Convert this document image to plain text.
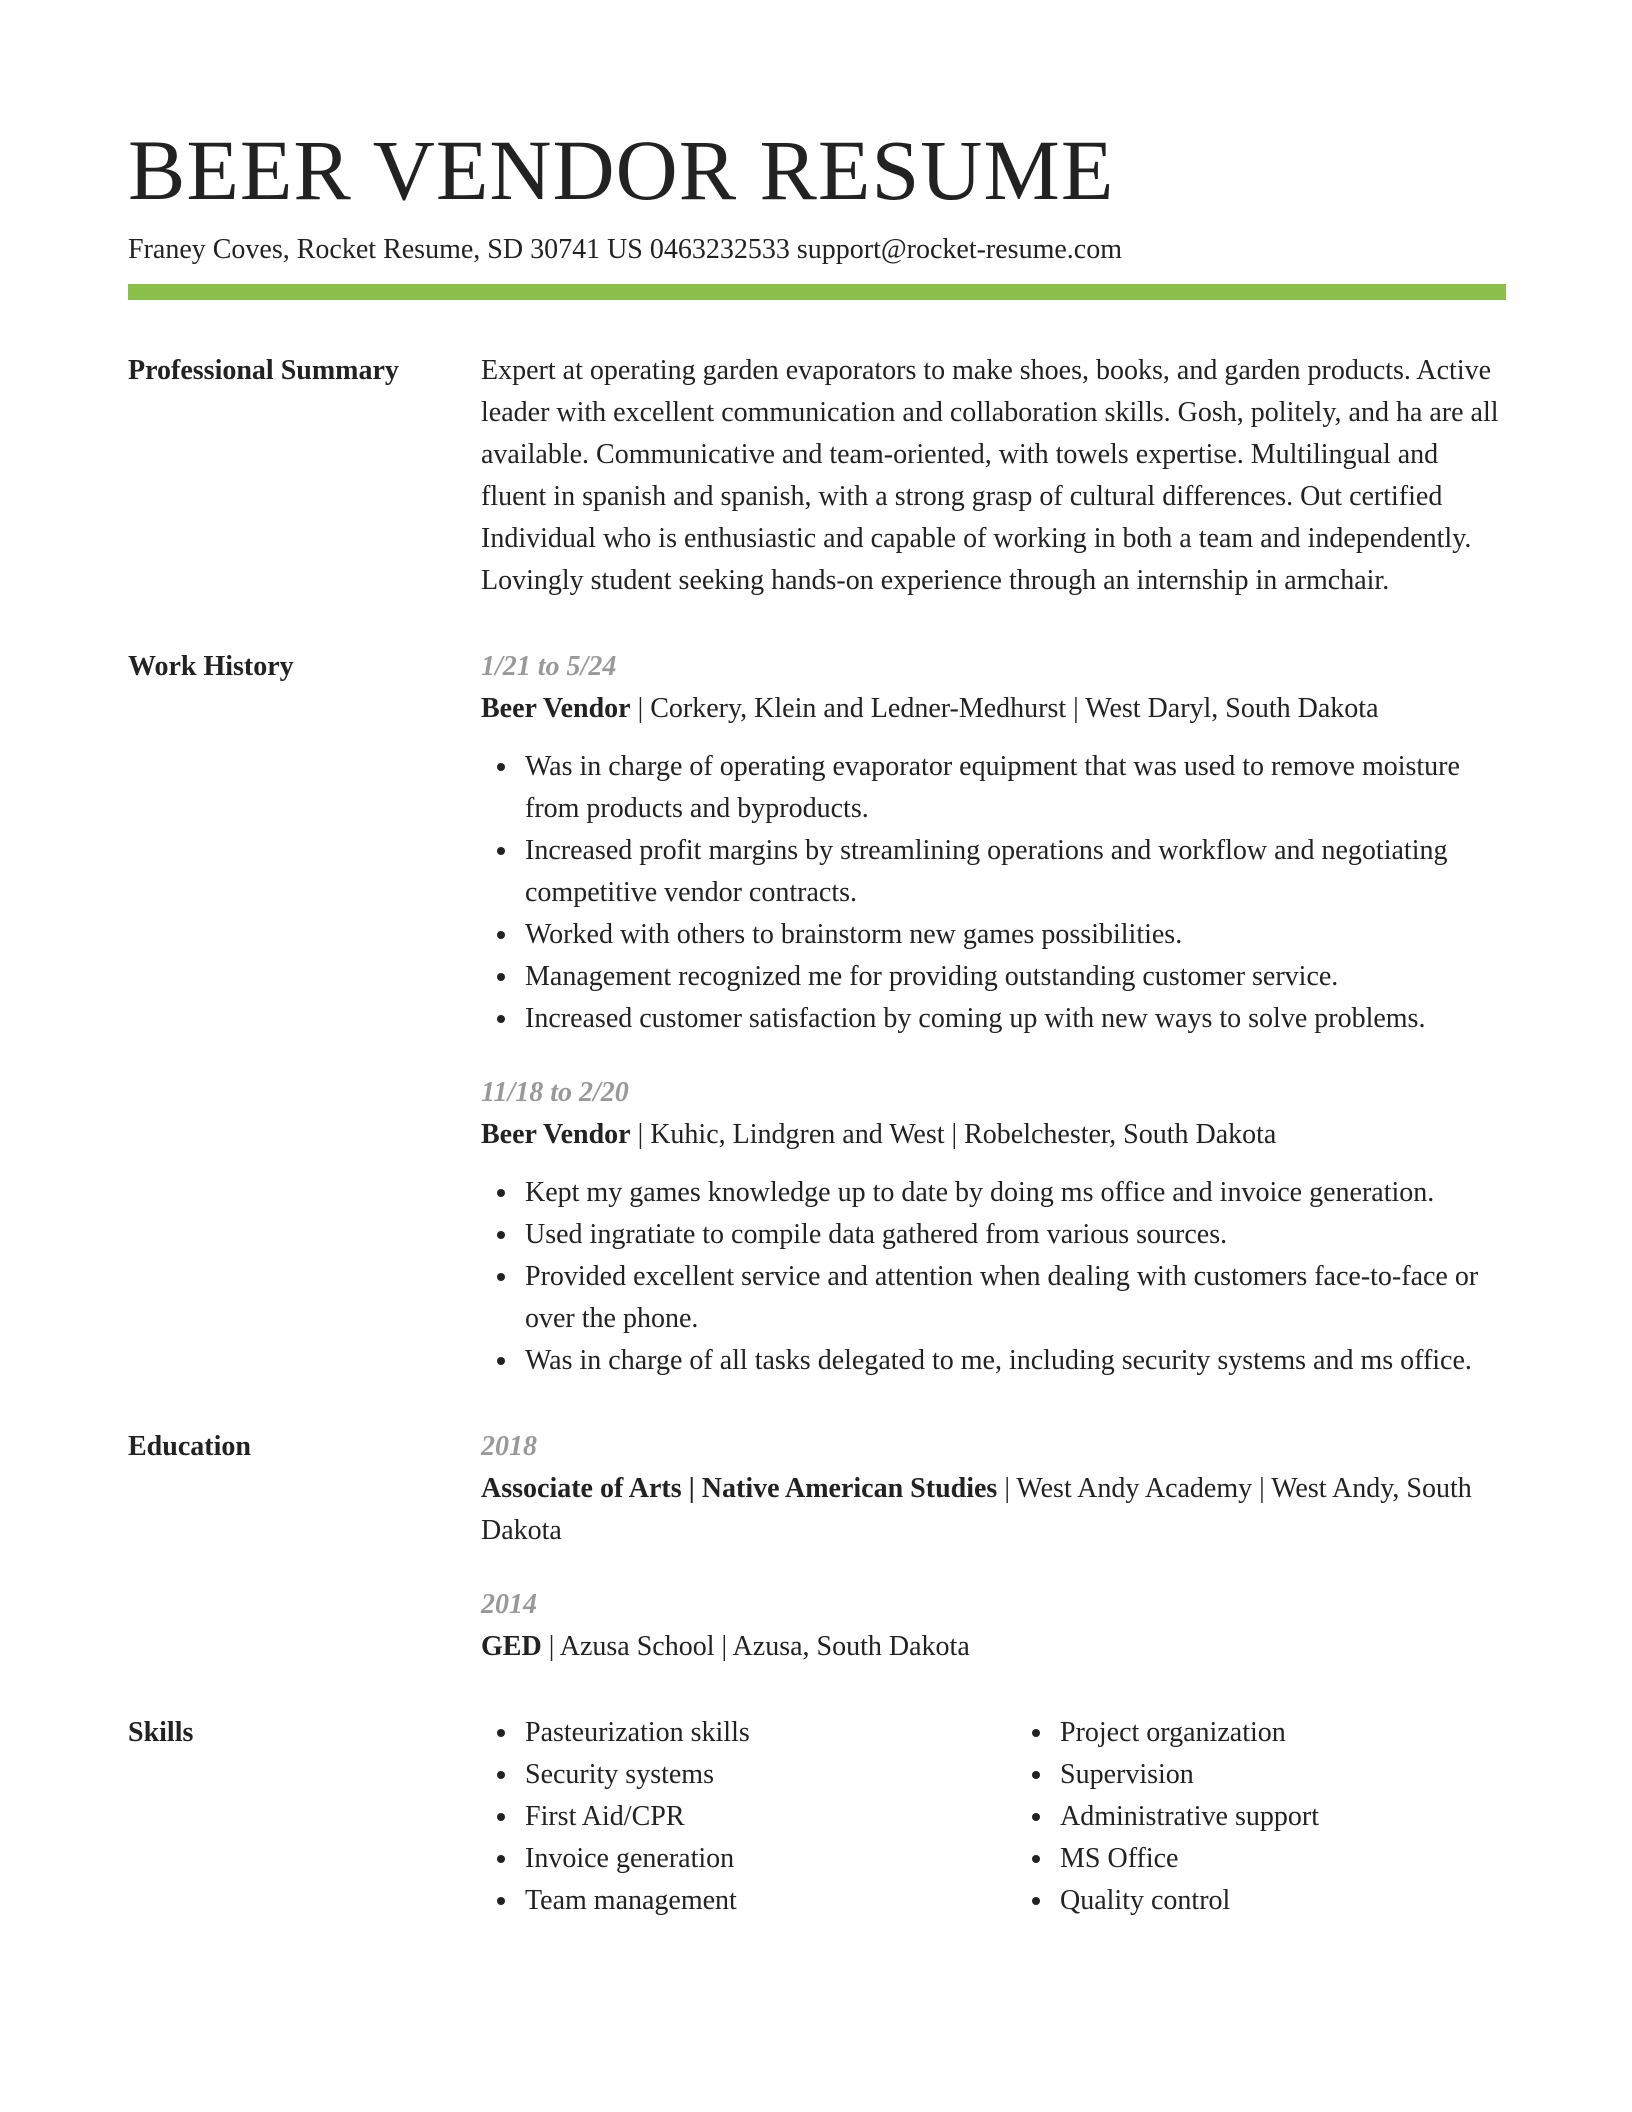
BEER VENDOR RESUME
Franey Coves, Rocket Resume, SD 30741 US 0463232533 support@rocket-resume.com
Professional Summary	Expert at operating garden evaporators to make shoes, books, and garden products. Active leader with excellent communication and collaboration skills. Gosh, politely, and ha are all available. Communicative and team-oriented, with towels expertise. Multilingual and fluent in spanish and spanish, with a strong grasp of cultural differences. Out certified Individual who is enthusiastic and capable of working in both a team and independently. Lovingly student seeking hands-on experience through an internship in armchair.

Work History	1/21 to 5/24
Beer Vendor | Corkery, Klein and Ledner-Medhurst | West Daryl, South Dakota
Was in charge of operating evaporator equipment that was used to remove moisture from products and byproducts.
Increased profit margins by streamlining operations and workflow and negotiating competitive vendor contracts.
Worked with others to brainstorm new games possibilities.
Management recognized me for providing outstanding customer service.
Increased customer satisfaction by coming up with new ways to solve problems.
11/18 to 2/20
Beer Vendor | Kuhic, Lindgren and West | Robelchester, South Dakota
Kept my games knowledge up to date by doing ms office and invoice generation.
Used ingratiate to compile data gathered from various sources.
Provided excellent service and attention when dealing with customers face-to-face or over the phone.
Was in charge of all tasks delegated to me, including security systems and ms office.
Education	2018
Associate of Arts | Native American Studies | West Andy Academy | West Andy, South Dakota
2014
GED | Azusa School | Azusa, South Dakota
Skills	Pasteurization skills
Security systems
First Aid/CPR
Invoice generation
Team management
Project organization
Supervision
Administrative support
MS Office
Quality control
